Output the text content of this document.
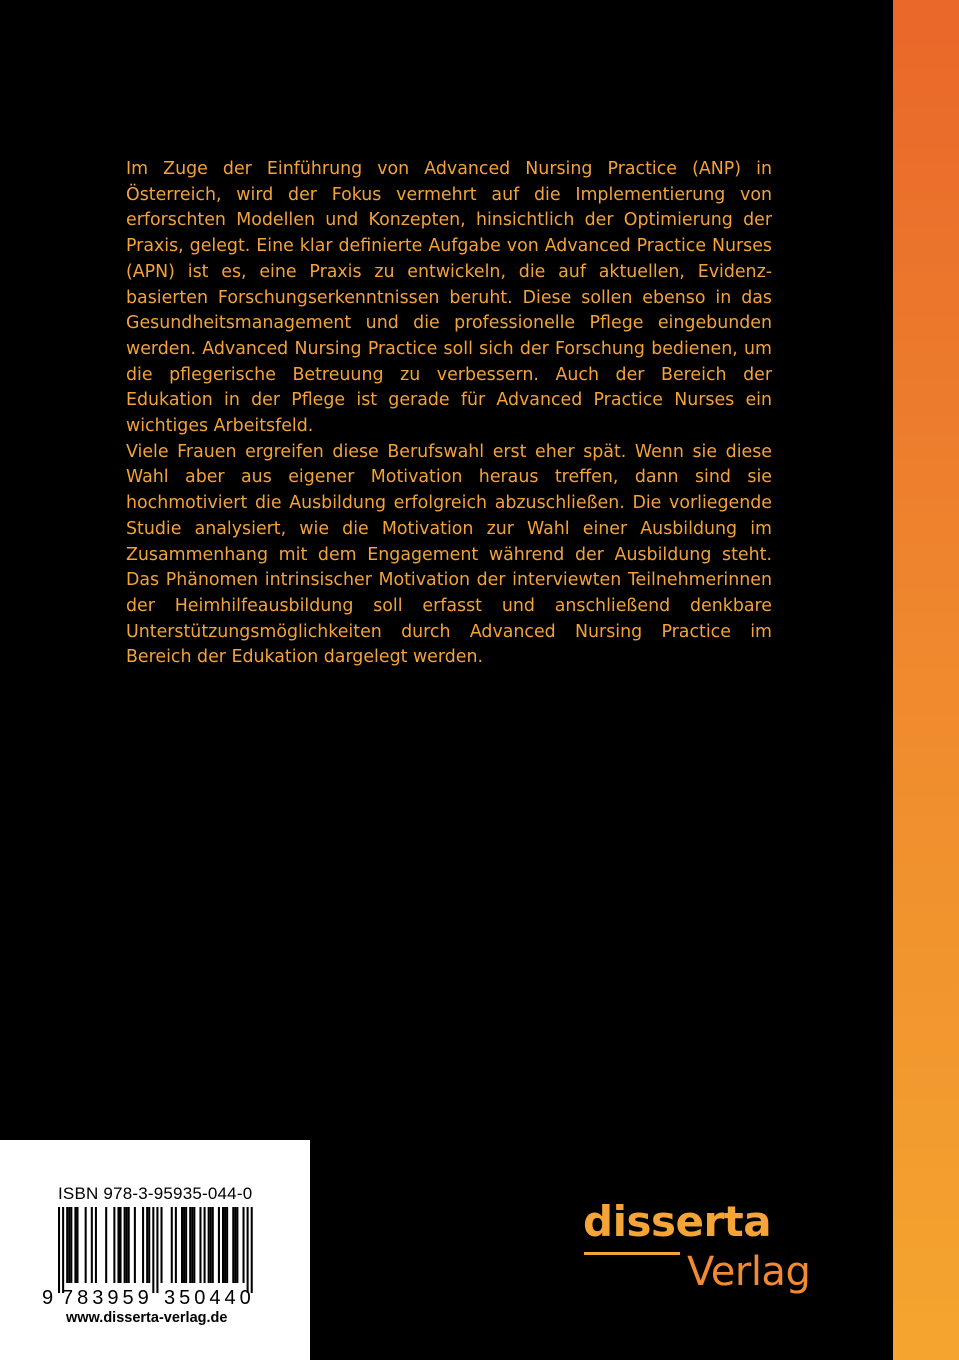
Im Zuge der Einführung von Advanced Nursing Practice (ANP) in Österreich, wird der Fokus vermehrt auf die Implementierung von erforschten Modellen und Konzepten, hinsichtlich der Optimierung der Praxis, gelegt. Eine klar definierte Aufgabe von Advanced Practice Nurses (APN) ist es, eine Praxis zu entwickeln, die auf aktuellen, Evidenz-basierten Forschungserkenntnissen beruht. Diese sollen ebenso in das Gesundheitsmanagement und die professionelle Pflege eingebunden werden. Advanced Nursing Practice soll sich der Forschung bedienen, um die pflegerische Betreuung zu verbessern. Auch der Bereich der Edukation in der Pflege ist gerade für Advanced Practice Nurses ein wichtiges Arbeitsfeld.

Viele Frauen ergreifen diese Berufswahl erst eher spät. Wenn sie diese Wahl aber aus eigener Motivation heraus treffen, dann sind sie hochmotiviert die Ausbildung erfolgreich abzuschließen. Die vorliegende Studie analysiert, wie die Motivation zur Wahl einer Ausbildung im Zusammenhang mit dem Engagement während der Ausbildung steht. Das Phänomen intrinsischer Motivation der interviewten Teilnehmerinnen der Heimhilfeausbildung soll erfasst und anschließend denkbare Unterstützungsmöglichkeiten durch Advanced Nursing Practice im Bereich der Edukation dargelegt werden.

ISBN 978-3-95935-044-0
9 783959 350440
www.disserta-verlag.de
disserta
Verlag
